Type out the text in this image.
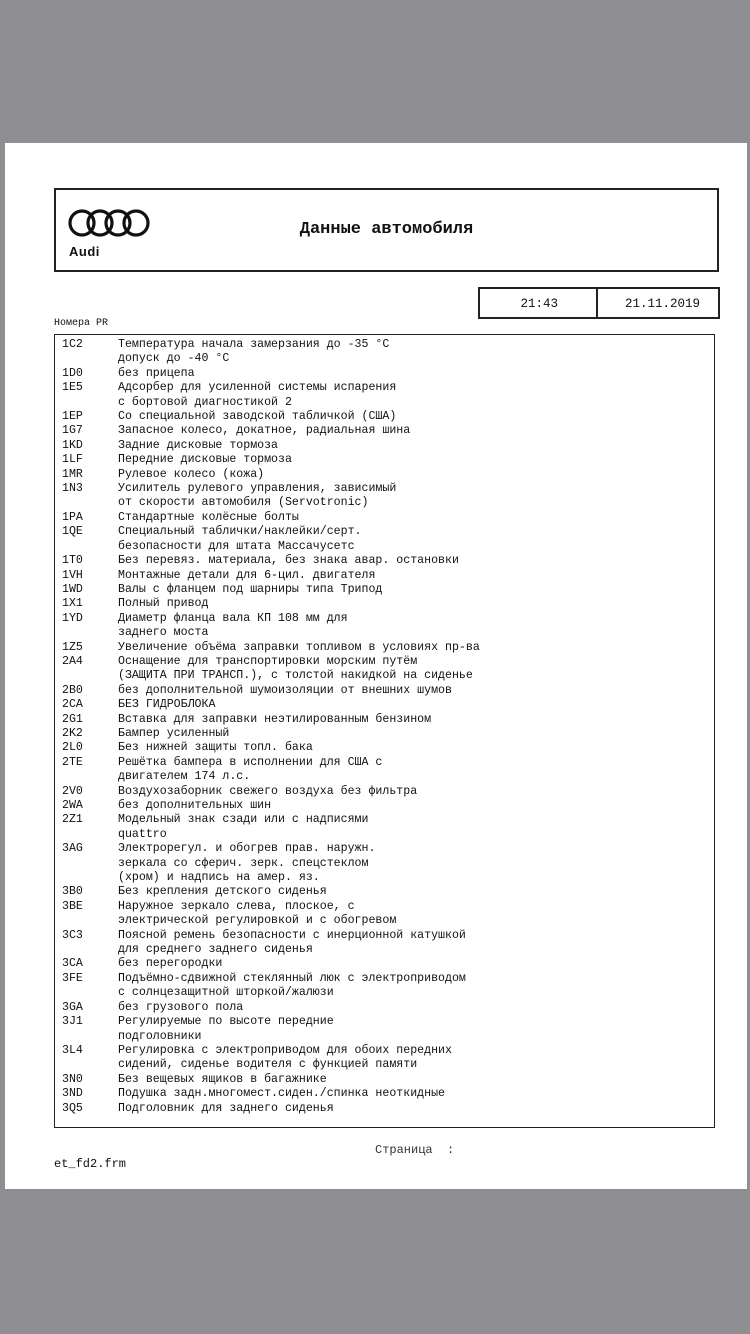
Audi
Данные автомобиля
21:43	21.11.2019
Номера PR
1C2	Температура начала замерзания до -35 °C
допуск до -40 °C
1D0	без прицепа
1E5	Адсорбер для усиленной системы испарения
с бортовой диагностикой 2
1EP	Со специальной заводской табличкой (США)
1G7	Запасное колесо, докатное, радиальная шина
1KD	Задние дисковые тормоза
1LF	Передние дисковые тормоза
1MR	Рулевое колесо (кожа)
1N3	Усилитель рулевого управления, зависимый
от скорости автомобиля (Servotronic)
1PA	Стандартные колёсные болты
1QE	Специальный таблички/наклейки/серт.
безопасности для штата Массачусетс
1T0	Без перевяз. материала, без знака авар. остановки
1VH	Монтажные детали для 6-цил. двигателя
1WD	Валы с фланцем под шарниры типа Трипод
1X1	Полный привод
1YD	Диаметр фланца вала КП 108 мм для
заднего моста
1Z5	Увеличение объёма заправки топливом в условиях пр-ва
2A4	Оснащение для транспортировки морским путём
(ЗАЩИТА ПРИ ТРАНСП.), с толстой накидкой на сиденье
2B0	без дополнительной шумоизоляции от внешних шумов
2CA	БЕЗ ГИДРОБЛОКА
2G1	Вставка для заправки неэтилированным бензином
2K2	Бампер усиленный
2L0	Без нижней защиты топл. бака
2TE	Решётка бампера в исполнении для США с
двигателем 174 л.с.
2V0	Воздухозаборник свежего воздуха без фильтра
2WA	без дополнительных шин
2Z1	Модельный знак сзади или с надписями
quattro
3AG	Электрорегул. и обогрев прав. наружн.
зеркала со сферич. зерк. спецстеклом
(хром) и надпись на амер. яз.
3B0	Без крепления детского сиденья
3BE	Наружное зеркало слева, плоское, с
электрической регулировкой и с обогревом
3C3	Поясной ремень безопасности с инерционной катушкой
для среднего заднего сиденья
3CA	без перегородки
3FE	Подъёмно-сдвижной стеклянный люк с электроприводом
с солнцезащитной шторкой/жалюзи
3GA	без грузового пола
3J1	Регулируемые по высоте передние
подголовники
3L4	Регулировка с электроприводом для обоих передних
сидений, сиденье водителя с функцией памяти
3N0	Без вещевых ящиков в багажнике
3ND	Подушка задн.многомест.сиден./спинка неоткидные
3Q5	Подголовник для заднего сиденья
Страница  :
et_fd2.frm
